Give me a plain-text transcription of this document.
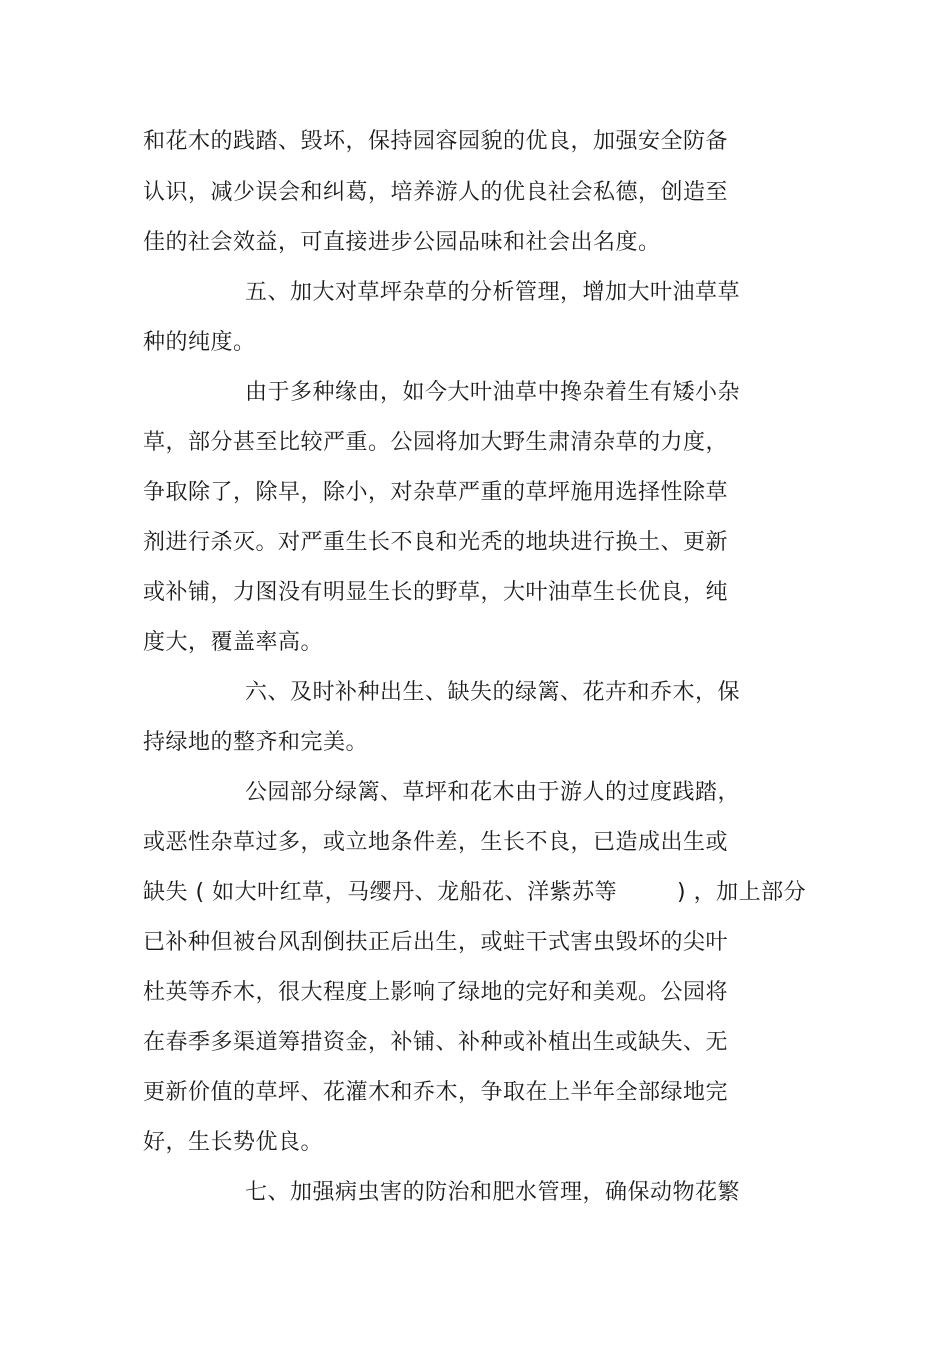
和花木的践踏、毁坏，保持园容园貌的优良，加强安全防备
认识，减少误会和纠葛，培养游人的优良社会私德，创造至
佳的社会效益，可直接进步公园品味和社会出名度。
五、加大对草坪杂草的分析管理，增加大叶油草草
种的纯度。
由于多种缘由，如今大叶油草中搀杂着生有矮小杂
草，部分甚至比较严重。公园将加大野生肃清杂草的力度，
争取除了，除早，除小，对杂草严重的草坪施用选择性除草
剂进行杀灭。对严重生长不良和光秃的地块进行换土、更新
或补铺，力图没有明显生长的野草，大叶油草生长优良，纯
度大，覆盖率高。
六、及时补种出生、缺失的绿篱、花卉和乔木，保
持绿地的整齐和完美。
公园部分绿篱、草坪和花木由于游人的过度践踏，
或恶性杂草过多，或立地条件差，生长不良，已造成出生或
缺失 ( 如大叶红草，马缨丹、龙船花、洋紫苏等        ) ，加上部分
已补种但被台风刮倒扶正后出生，或蛀干式害虫毁坏的尖叶
杜英等乔木，很大程度上影响了绿地的完好和美观。公园将
在春季多渠道筹措资金，补铺、补种或补植出生或缺失、无
更新价值的草坪、花灌木和乔木，争取在上半年全部绿地完
好，生长势优良。
七、加强病虫害的防治和肥水管理，确保动物花繁
